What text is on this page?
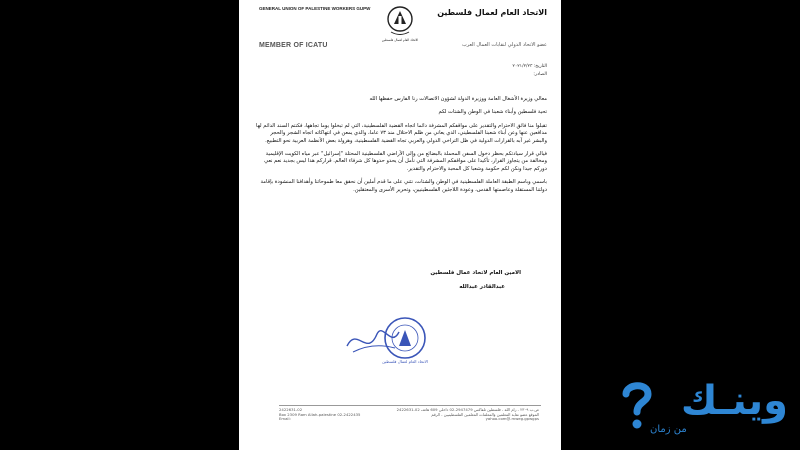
GENERAL UNION OF PALESTINE WORKERS GUPW
الاتحاد العام لعمال فلسطين
الاتحاد العام لعمال فلسطين
MEMBER OF ICATU	عضو الاتحاد الدولي لنقابات العمال العرب
التاريخ: ٢٠٢١/٢/٢٣
الصادر:

معالي وزيرة الأشغال العامة ووزيرة الدولة لشؤون الاتصالات رنا الفارس حفظها الله

تحية فلسطين وأبناء شعبنا في الوطن والشتات لكم

تقبلوا منا فائق الاحترام والتقدير على مواقفكم المشرفة دائما اتجاه القضية الفلسطينية، التي لم تبخلوا يوما تجاهها، فكنتم السند الدائم لها مدافعين عنها وعن أبناء شعبنا الفلسطيني، الذي يعاني من ظلم الاحتلال منذ ٧٣ عاما، والذي يمعن في انتهاكاته اتجاه الشجر والحجر والبشر غير آبه بالقرارات الدولية في ظل التراخي الدولي والعربي تجاه القضية الفلسطينية، وهرولة بعض الأنظمة العربية نحو التطبيع.

فيالي قرار سيادتكم بحظر دخول السفن المحملة بالبضائع من وإلى الأراضي الفلسطينية المحتلة "إسرائيل" عبر مياه الكويت الإقليمية ومخالفة من يتجاوز القرار، تأكيدا على مواقفكم المشرفة التي نأمل أن يحذو حذوها كل شرفاء العالم. قراركم هذا ليس بجديد نعم نعي دوركم جيدا ونكن لكم حكومة وشعبا كل المحبة والاحترام والتقدير.

باسمي وباسم الطبقة العاملة الفلسطينية في الوطن والشتات، نثني على ما قدم أملين أن نحقق معا طموحاتنا وأهدافنا المنشودة بإقامة دولتنا المستقلة وعاصمتها القدس، وعودة اللاجئين الفلسطينيين، وتحرير الأسرى والمعتقلين.

الامين العام لاتحاد عمال فلسطين
عبدالقادر عبدالله
الاتحاد العام لعمال فلسطين
2422631-02	ص.ب ٢٣٠٩ - رام الله - فلسطين تلفاكس 2947479-02 داخلي 609 هاتف 02-2422631
Box 2309 Ram Allah-palestine 02-2422435	الموقع عضو نقابة المعلمين والمعلمات المعلمين الفلسطينيين - الرقم
Email:	yahoo.com@.mweg.gpwgps	وينـك
من زمان
